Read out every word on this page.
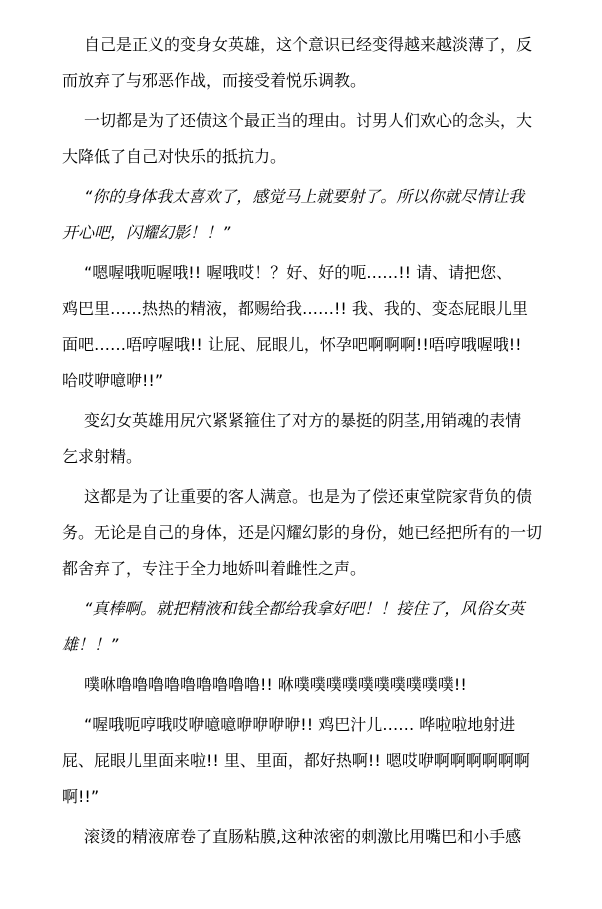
自己是正义的变身女英雄，这个意识已经变得越来越淡薄了，反
而放弃了与邪恶作战，而接受着悦乐调教。
一切都是为了还债这个最正当的理由。讨男人们欢心的念头，大
大降低了自己对快乐的抵抗力。
“你的身体我太喜欢了，感觉马上就要射了。所以你就尽情让我
开心吧，闪耀幻影！！”
“嗯喔哦呃喔哦!! 喔哦哎！？好、好的呃……!! 请、请把您、
鸡巴里……热热的精液，都赐给我……!! 我、我的、变态屁眼儿里
面吧……唔哼喔哦!! 让屁、屁眼儿，怀孕吧啊啊啊!!唔哼哦喔哦!!
哈哎咿噫咿!!”
变幻女英雄用尻穴紧紧箍住了对方的暴挺的阴茎,用销魂的表情
乞求射精。
这都是为了让重要的客人满意。也是为了偿还東堂院家背负的债
务。无论是自己的身体，还是闪耀幻影的身份，她已经把所有的一切
都舍弃了，专注于全力地娇叫着雌性之声。
“真棒啊。就把精液和钱全都给我拿好吧！！接住了，风俗女英
雄！！”
噗咻噜噜噜噜噜噜噜噜噜!! 咻噗噗噗噗噗噗噗噗噗噗!!
“喔哦呃哼哦哎咿噫噫咿咿咿咿!! 鸡巴汁儿…… 哗啦啦地射进
屁、屁眼儿里面来啦!! 里、里面，都好热啊!! 嗯哎咿啊啊啊啊啊啊
啊!!”
滚烫的精液席卷了直肠粘膜,这种浓密的刺激比用嘴巴和小手感
